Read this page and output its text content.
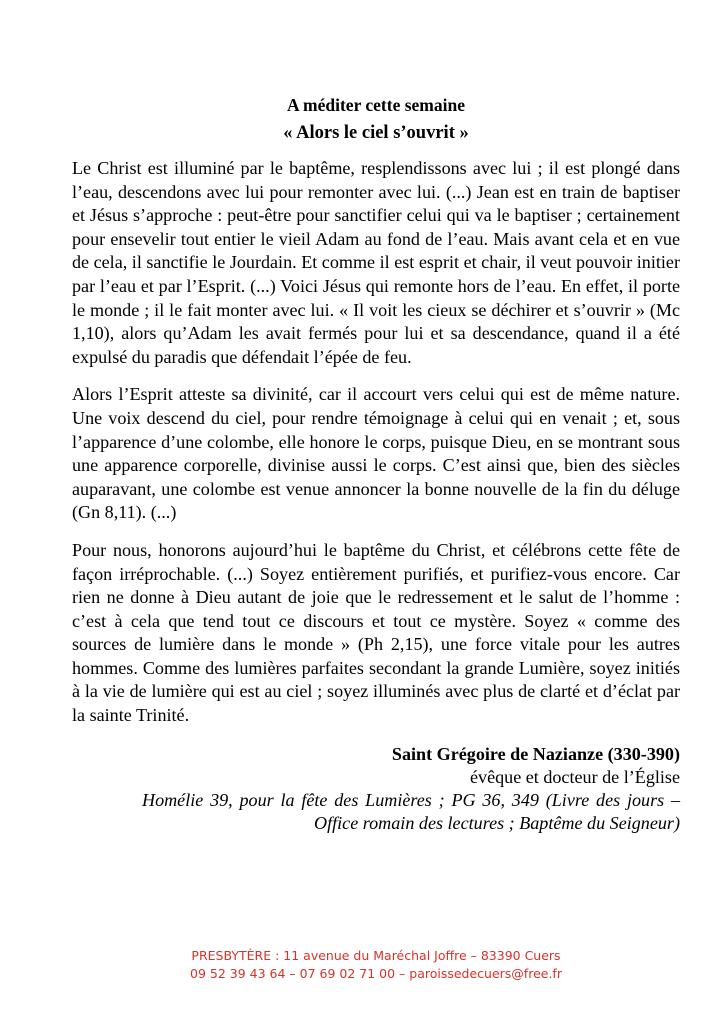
A méditer cette semaine

« Alors le ciel s’ouvrit »

Le Christ est illuminé par le baptême, resplendissons avec lui ; il est plongé dans l’eau, descendons avec lui pour remonter avec lui. (...) Jean est en train de baptiser et Jésus s’approche : peut-être pour sanctifier celui qui va le baptiser ; certainement pour ensevelir tout entier le vieil Adam au fond de l’eau. Mais avant cela et en vue de cela, il sanctifie le Jourdain. Et comme il est esprit et chair, il veut pouvoir initier par l’eau et par l’Esprit. (...) Voici Jésus qui remonte hors de l’eau. En effet, il porte le monde ; il le fait monter avec lui. « Il voit les cieux se déchirer et s’ouvrir » (Mc 1,10), alors qu’Adam les avait fermés pour lui et sa descendance, quand il a été expulsé du paradis que défendait l’épée de feu.

Alors l’Esprit atteste sa divinité, car il accourt vers celui qui est de même nature. Une voix descend du ciel, pour rendre témoignage à celui qui en venait ; et, sous l’apparence d’une colombe, elle honore le corps, puisque Dieu, en se montrant sous une apparence corporelle, divinise aussi le corps. C’est ainsi que, bien des siècles auparavant, une colombe est venue annoncer la bonne nouvelle de la fin du déluge (Gn 8,11). (...)

Pour nous, honorons aujourd’hui le baptême du Christ, et célébrons cette fête de façon irréprochable. (...) Soyez entièrement purifiés, et purifiez-vous encore. Car rien ne donne à Dieu autant de joie que le redressement et le salut de l’homme : c’est à cela que tend tout ce discours et tout ce mystère. Soyez « comme des sources de lumière dans le monde » (Ph 2,15), une force vitale pour les autres hommes. Comme des lumières parfaites secondant la grande Lumière, soyez initiés à la vie de lumière qui est au ciel ; soyez illuminés avec plus de clarté et d’éclat par la sainte Trinité.

Saint Grégoire de Nazianze (330-390)
évêque et docteur de l’Église
Homélie 39, pour la fête des Lumières ; PG 36, 349 (Livre des jours – Office romain des lectures ; Baptême du Seigneur)
PRESBYTÈRE : 11 avenue du Maréchal Joffre – 83390 Cuers
09 52 39 43 64 – 07 69 02 71 00 – paroissedecuers@free.fr
